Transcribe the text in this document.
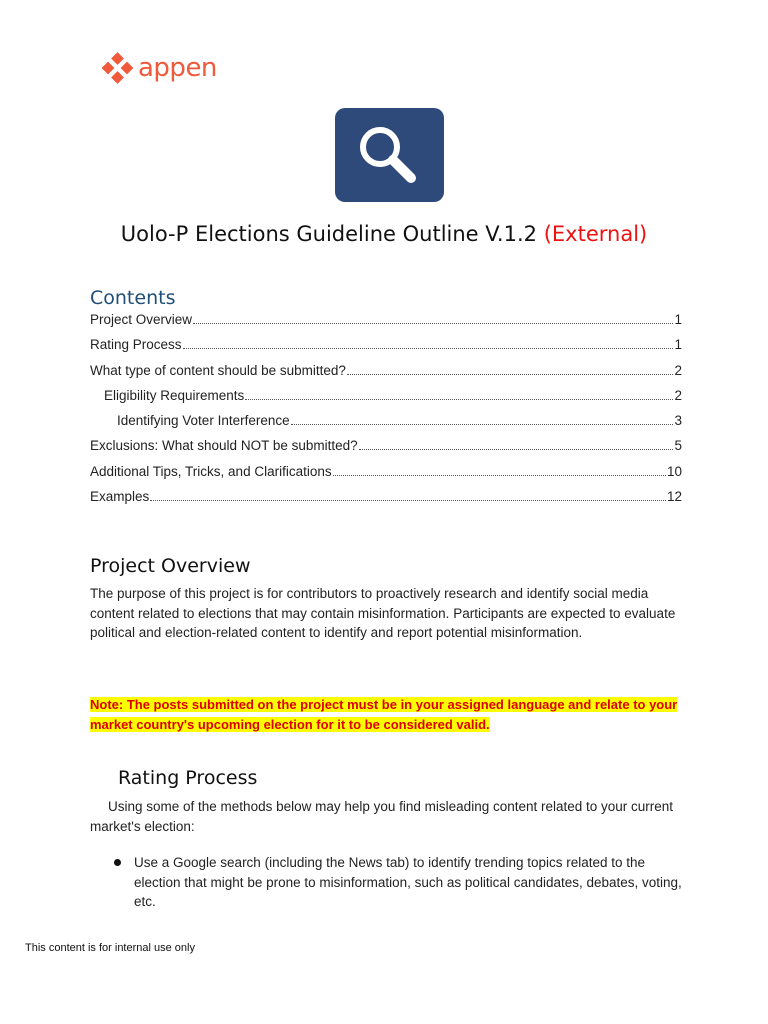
appen
Uolo-P Elections Guideline Outline V.1.2 (External)
Contents
Project Overview	1
Rating Process	1
What type of content should be submitted?	2
Eligibility Requirements	2
Identifying Voter Interference	3
Exclusions: What should NOT be submitted?	5
Additional Tips, Tricks, and Clarifications	10
Examples	12
Project Overview
The purpose of this project is for contributors to proactively research and identify social media content related to elections that may contain misinformation. Participants are expected to evaluate political and election-related content to identify and report potential misinformation.
Note: The posts submitted on the project must be in your assigned language and relate to your market country's upcoming election for it to be considered valid.
Rating Process
Using some of the methods below may help you find misleading content related to your current market's election:
Use a Google search (including the News tab) to identify trending topics related to the election that might be prone to misinformation, such as political candidates, debates, voting, etc.
This content is for internal use only
